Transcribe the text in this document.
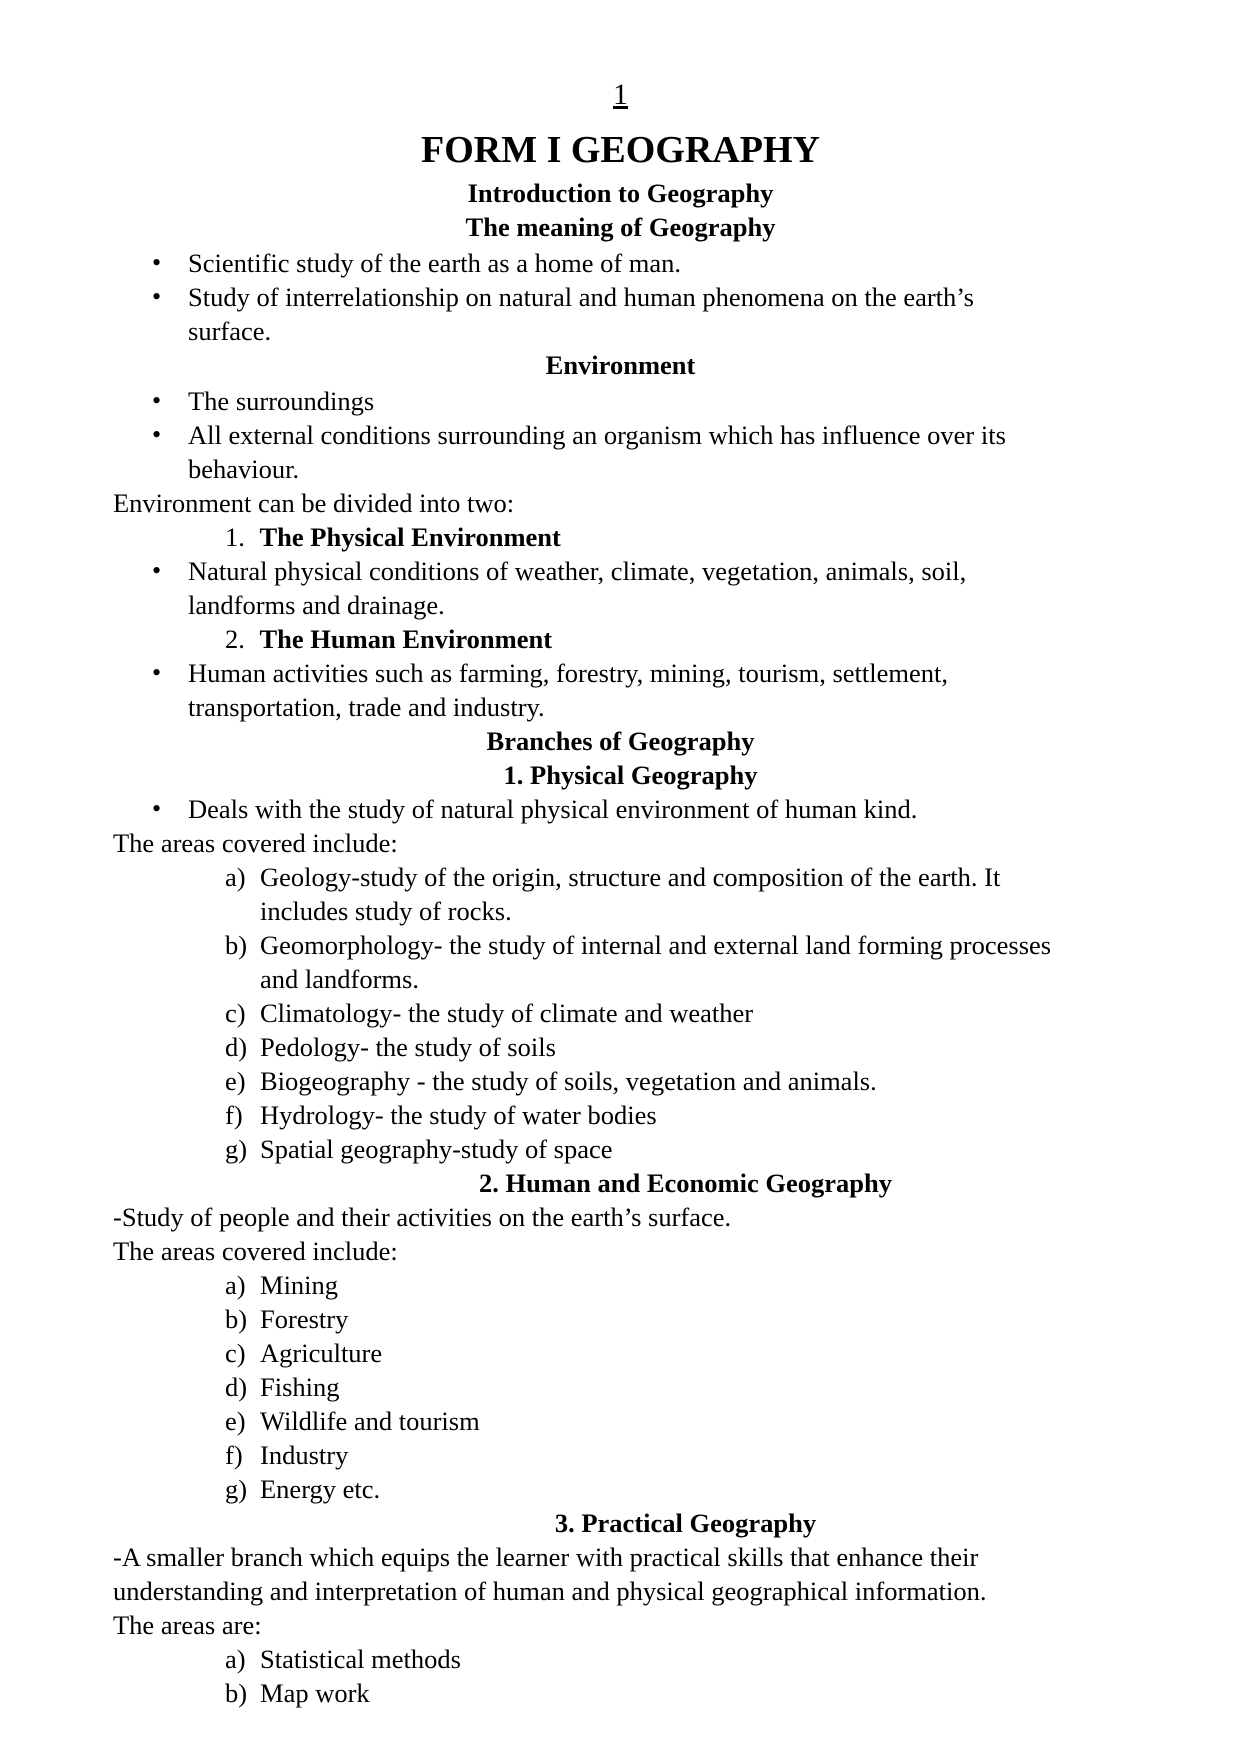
1
FORM I GEOGRAPHY
Introduction to Geography
The meaning of Geography
• Scientific study of the earth as a home of man.
• Study of interrelationship on natural and human phenomena on the earth’s
surface.
Environment
• The surroundings
• All external conditions surrounding an organism which has influence over its
behaviour.
Environment can be divided into two:
1. The Physical Environment
• Natural physical conditions of weather, climate, vegetation, animals, soil,
landforms and drainage.
2. The Human Environment
• Human activities such as farming, forestry, mining, tourism, settlement,
transportation, trade and industry.
Branches of Geography
1. Physical Geography
• Deals with the study of natural physical environment of human kind.
The areas covered include:
a) Geology-study of the origin, structure and composition of the earth. It
includes study of rocks.
b) Geomorphology- the study of internal and external land forming processes
and landforms.
c) Climatology- the study of climate and weather
d) Pedology- the study of soils
e) Biogeography - the study of soils, vegetation and animals.
f) Hydrology- the study of water bodies
g) Spatial geography-study of space
2. Human and Economic Geography
-Study of people and their activities on the earth’s surface.
The areas covered include:
a) Mining
b) Forestry
c) Agriculture
d) Fishing
e) Wildlife and tourism
f) Industry
g) Energy etc.
3. Practical Geography
-A smaller branch which equips the learner with practical skills that enhance their
understanding and interpretation of human and physical geographical information.
The areas are:
a) Statistical methods
b) Map work
